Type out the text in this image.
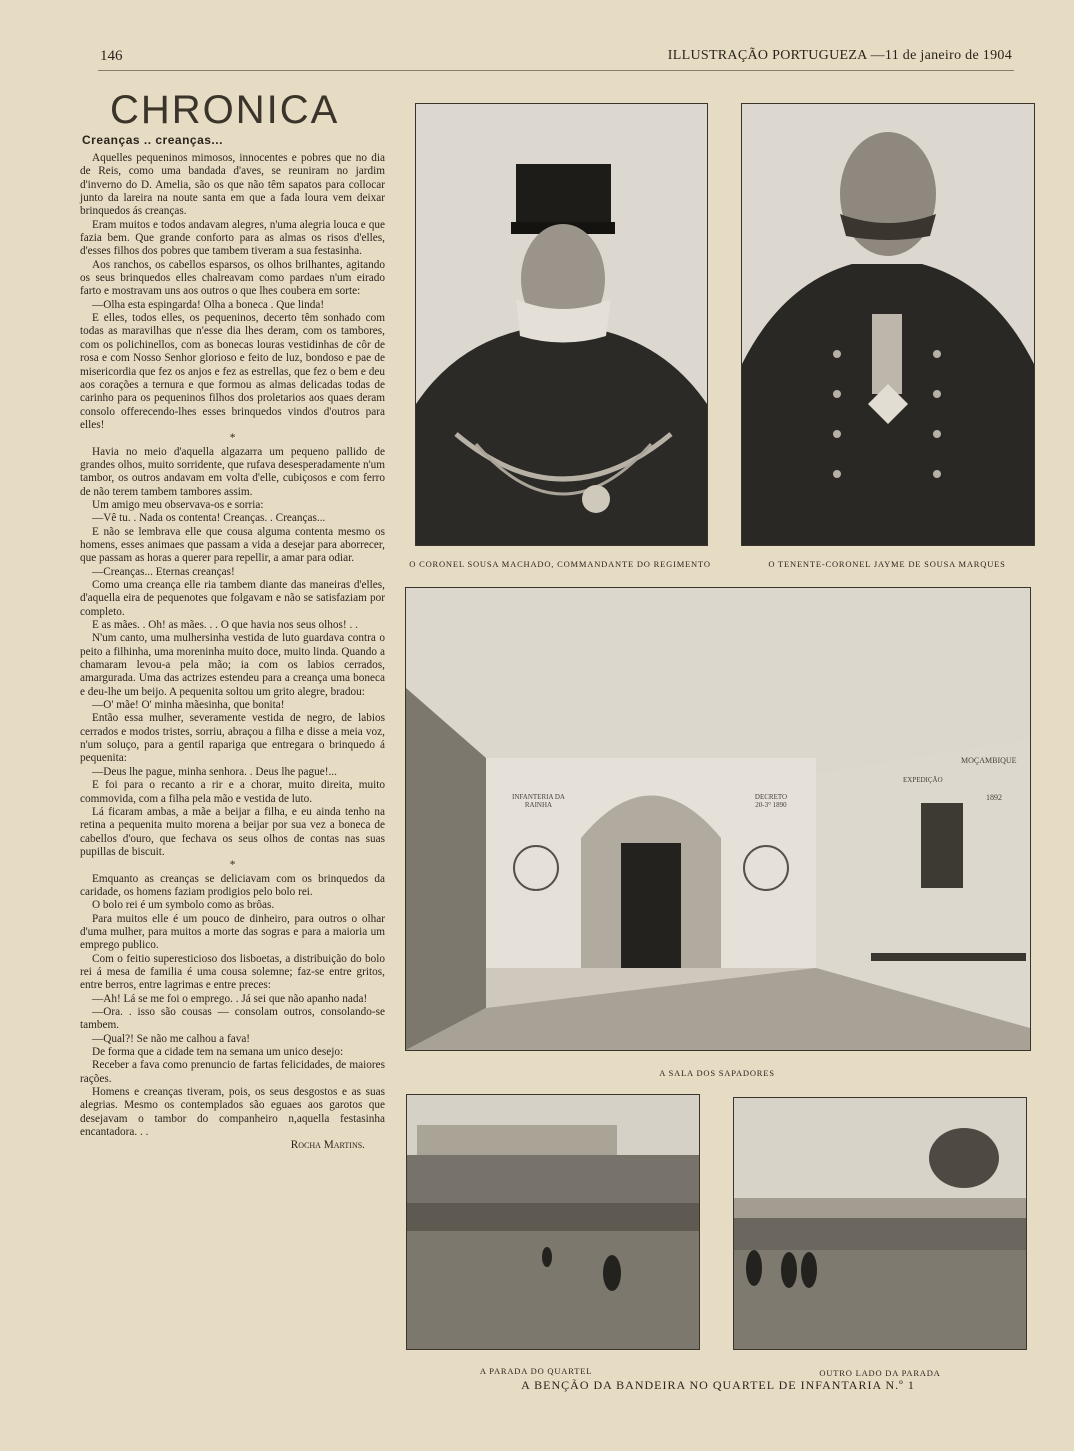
146	ILLUSTRAÇÃO PORTUGUEZA —11 de janeiro de 1904
CHRONICA
Creanças .. creanças...

Aquelles pequeninos mimosos, innocentes e pobres que no dia de Reis, como uma bandada d'aves, se reuniram no jardim d'inverno do D. Amelia, são os que não têm sapatos para collocar junto da lareira na noute santa em que a fada loura vem deixar brinquedos ás creanças.

Eram muitos e todos andavam alegres, n'uma alegria louca e que fazia bem. Que grande conforto para as almas os risos d'elles, d'esses filhos dos pobres que tambem tiveram a sua festasinha.

Aos ranchos, os cabellos esparsos, os olhos brilhantes, agitando os seus brinquedos elles chalreavam como pardaes n'um eirado farto e mostravam uns aos outros o que lhes coubera em sorte:

—Olha esta espingarda! Olha a boneca . Que linda!

E elles, todos elles, os pequeninos, decerto têm sonhado com todas as maravilhas que n'esse dia lhes deram, com os tambores, com os polichinellos, com as bonecas louras vestidinhas de côr de rosa e com Nosso Senhor glorioso e feito de luz, bondoso e pae de misericordia que fez os anjos e fez as estrellas, que fez o bem e deu aos corações a ternura e que formou as almas delicadas todas de carinho para os pequeninos filhos dos proletarios aos quaes deram consolo offerecendo-lhes esses brinquedos vindos d'outros para elles!

*

Havia no meio d'aquella algazarra um pequeno pallido de grandes olhos, muito sorridente, que rufava desesperadamente n'um tambor, os outros andavam em volta d'elle, cubiçosos e com ferro de não terem tambem tambores assim.

Um amigo meu observava-os e sorria:

—Vê tu. . Nada os contenta! Creanças. . Creanças...

E não se lembrava elle que cousa alguma contenta mesmo os homens, esses animaes que passam a vida a desejar para aborrecer, que passam as horas a querer para repellir, a amar para odiar.

—Creanças... Eternas creanças!

Como uma creança elle ria tambem diante das maneiras d'elles, d'aquella eira de pequenotes que folgavam e não se satisfaziam por completo.

E as mães. . Oh! as mães. . . O que havia nos seus olhos! . .

N'um canto, uma mulhersinha vestida de luto guardava contra o peito a filhinha, uma moreninha muito doce, muito linda. Quando a chamaram levou-a pela mão; ia com os labios cerrados, amargurada. Uma das actrizes estendeu para a creança uma boneca e deu-lhe um beijo. A pequenita soltou um grito alegre, bradou:

—O' mãe! O' minha mãesinha, que bonita!

Então essa mulher, severamente vestida de negro, de labios cerrados e modos tristes, sorriu, abraçou a filha e disse a meia voz, n'um soluço, para a gentil rapariga que entregara o brinquedo á pequenita:

—Deus lhe pague, minha senhora. . Deus lhe pague!...

E foi para o recanto a rir e a chorar, muito direita, muito commovida, com a filha pela mão e vestida de luto.

Lá ficaram ambas, a mãe a beijar a filha, e eu ainda tenho na retina a pequenita muito morena a beijar por sua vez a boneca de cabellos d'ouro, que fechava os seus olhos de contas nas suas pupillas de biscuit.

*

Emquanto as creanças se deliciavam com os brinquedos da caridade, os homens faziam prodigios pelo bolo rei.

O bolo rei é um symbolo como as brôas.

Para muitos elle é um pouco de dinheiro, para outros o olhar d'uma mulher, para muitos a morte das sogras e para a maioria um emprego publico.

Com o feitio superesticioso dos lisboetas, a distribuição do bolo rei á mesa de familia é uma cousa solemne; faz-se entre gritos, entre berros, entre lagrimas e entre preces:

—Ah! Lá se me foi o emprego. . Já sei que não apanho nada!

—Ora. . isso são cousas — consolam outros, consolando-se tambem.

—Qual?! Se não me calhou a fava!

De forma que a cidade tem na semana um unico desejo:

Receber a fava como prenuncio de fartas felicidades, de maiores rações.

Homens e creanças tiveram, pois, os seus desgostos e as suas alegrias. Mesmo os contemplados são eguaes aos garotos que desejavam o tambor do companheiro n,aquella festasinha encantadora. . .

Rocha Martins.

O CORONEL SOUSA MACHADO, COMMANDANTE DO REGIMENTO	O TENENTE-CORONEL JAYME DE SOUSA MARQUES
INFANTERIA DA RAINHA
DECRETO 20-3° 1890
MOÇAMBIQUE
EXPEDIÇÃO
1892
A SALA DOS SAPADORES
A PARADA DO QUARTEL	OUTRO LADO DA PARADA
A BENÇÃO DA BANDEIRA NO QUARTEL DE INFANTARIA N.º 1
